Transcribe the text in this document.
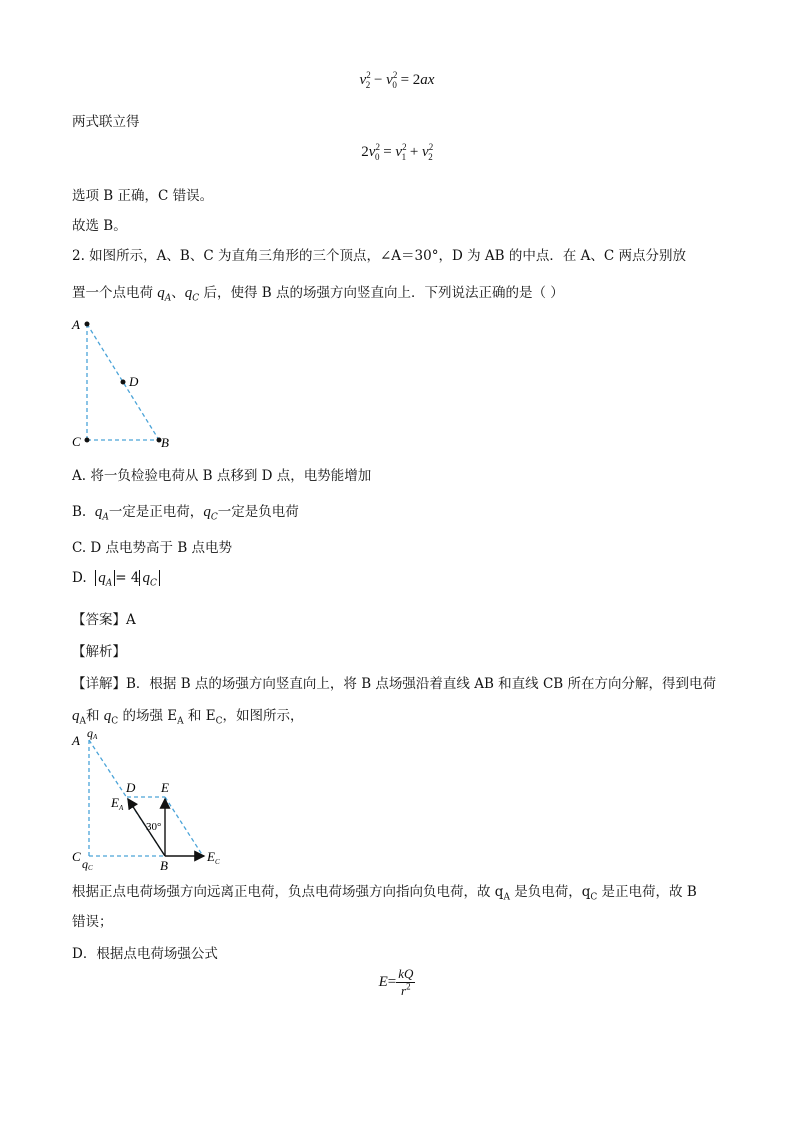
$v^2_2 - v^2_0 = 2ax$
两式联立得
$2v^2_0 = v^2_1 + v^2_2$
选项 B 正确，C 错误。
故选 B。
2. 如图所示，A、B、C 为直角三角形的三个顶点，∠A＝30°，D 为 AB 的中点．在 A、C 两点分别放
置一个点电荷 $q_A$、$q_C$ 后，使得 B 点的场强方向竖直向上．下列说法正确的是（ ）
A
D
C	B
A. 将一负检验电荷从 B 点移到 D 点，电势能增加
B. $q_A$一定是正电荷，$q_C$一定是负电荷
C. D 点电势高于 B 点电势
D. $q_A = 4$ $q_C$
【答案】A
【解析】
【详解】B．根据 B 点的场强方向竖直向上，将 B 点场强沿着直线 AB 和直线 CB 所在方向分解，得到电荷
$q_A$和 $q_C$ 的场强 $E_A$ 和 $E_C$，如图所示，
A qA
D E
$E_A$
30°
C qC	B
$E_C$
根据正点电荷场强方向远离正电荷，负点电荷场强方向指向负电荷，故 $q_A$ 是负电荷，$q_C$ 是正电荷，故 B
错误；
D．根据点电荷场强公式
$E= \frac{kQ}{r^2}$
